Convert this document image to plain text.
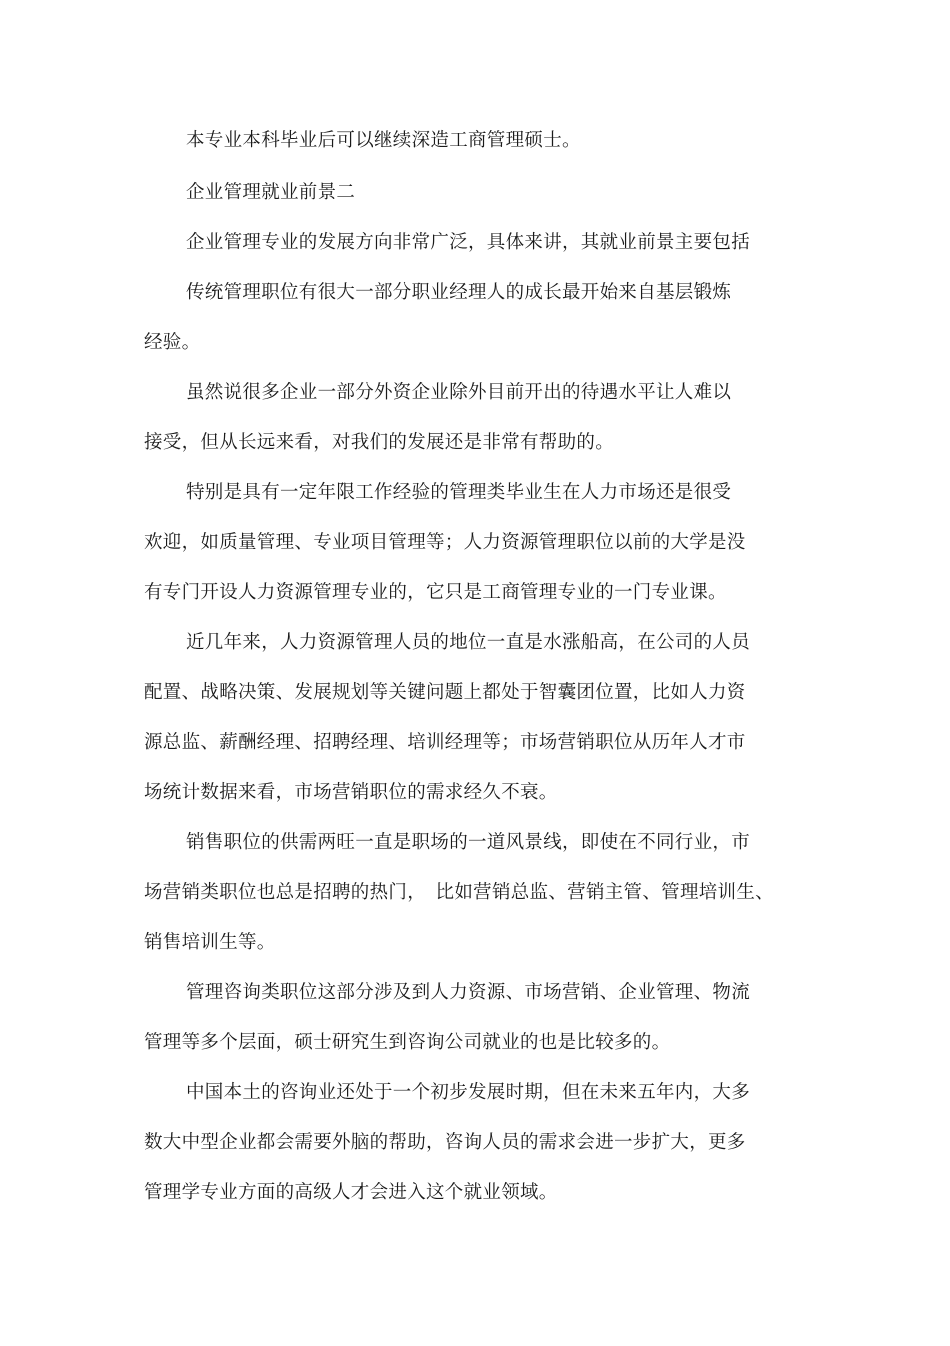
本专业本科毕业后可以继续深造工商管理硕士。
企业管理就业前景二
企业管理专业的发展方向非常广泛，具体来讲，其就业前景主要包括
传统管理职位有很大一部分职业经理人的成长最开始来自基层锻炼
经验。
虽然说很多企业一部分外资企业除外目前开出的待遇水平让人难以
接受，但从长远来看，对我们的发展还是非常有帮助的。
特别是具有一定年限工作经验的管理类毕业生在人力市场还是很受
欢迎，如质量管理、专业项目管理等；人力资源管理职位以前的大学是没
有专门开设人力资源管理专业的，它只是工商管理专业的一门专业课。
近几年来，人力资源管理人员的地位一直是水涨船高，在公司的人员
配置、战略决策、发展规划等关键问题上都处于智囊团位置，比如人力资
源总监、薪酬经理、招聘经理、培训经理等；市场营销职位从历年人才市
场统计数据来看，市场营销职位的需求经久不衰。
销售职位的供需两旺一直是职场的一道风景线，即使在不同行业，市
场营销类职位也总是招聘的热门，　比如营销总监、营销主管、管理培训生、
销售培训生等。
管理咨询类职位这部分涉及到人力资源、市场营销、企业管理、物流
管理等多个层面，硕士研究生到咨询公司就业的也是比较多的。
中国本土的咨询业还处于一个初步发展时期，但在未来五年内，大多
数大中型企业都会需要外脑的帮助，咨询人员的需求会进一步扩大，更多
管理学专业方面的高级人才会进入这个就业领域。
